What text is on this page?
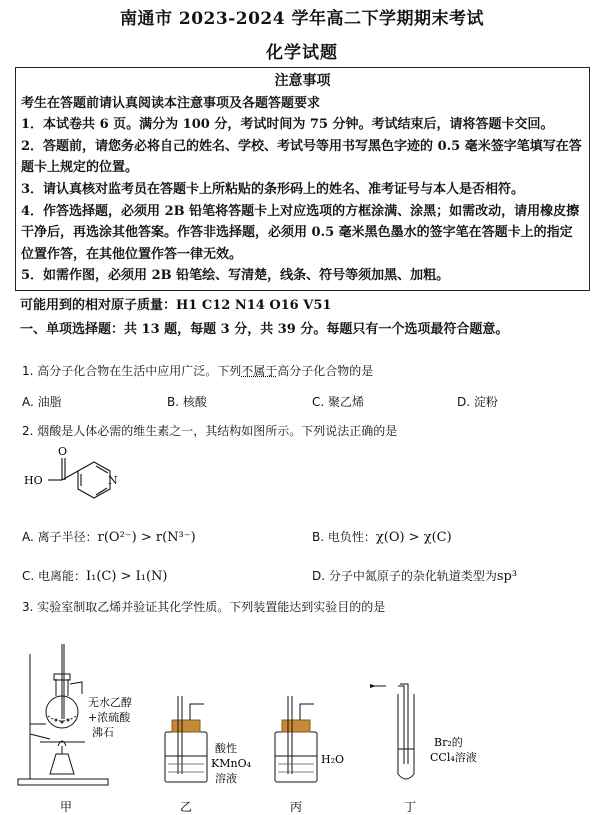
南通市 2023-2024 学年高二下学期期末考试
化学试题
注意事项

考生在答题前请认真阅读本注意事项及各题答题要求

1．本试卷共 6 页。满分为 100 分，考试时间为 75 分钟。考试结束后，请将答题卡交回。

2．答题前，请您务必将自己的姓名、学校、考试号等用书写黑色字迹的 0.5 毫米签字笔填写在答题卡上规定的位置。

3．请认真核对监考员在答题卡上所粘贴的条形码上的姓名、准考证号与本人是否相符。

4．作答选择题，必须用 2B 铅笔将答题卡上对应选项的方框涂满、涂黑；如需改动，请用橡皮擦干净后，再选涂其他答案。作答非选择题，必须用 0.5 毫米黑色墨水的签字笔在答题卡上的指定位置作答，在其他位置作答一律无效。

5．如需作图，必须用 2B 铅笔绘、写清楚，线条、符号等须加黑、加粗。

可能用到的相对原子质量：H1 C12 N14 O16 V51
一、单项选择题：共 13 题，每题 3 分，共 39 分。每题只有一个选项最符合题意。
1. 高分子化合物在生活中应用广泛。下列不属于高分子化合物的是
A. 油脂	B. 核酸	C. 聚乙烯	D. 淀粉
2. 烟酸是人体必需的维生素之一，其结构如图所示。下列说法正确的是
O
HO	N
A. 离子半径：r(O²⁻) > r(N³⁻)	B. 电负性：χ(O) > χ(C)
C. 电离能：I₁(C) > I₁(N)	D. 分子中氮原子的杂化轨道类型为sp³
3. 实验室制取乙烯并验证其化学性质。下列装置能达到实验目的的是
无水乙醇
+浓硫酸
沸石
甲
酸性
KMnO₄
溶液
乙
H₂O
丙
Br₂的
CCl₄溶液
丁
